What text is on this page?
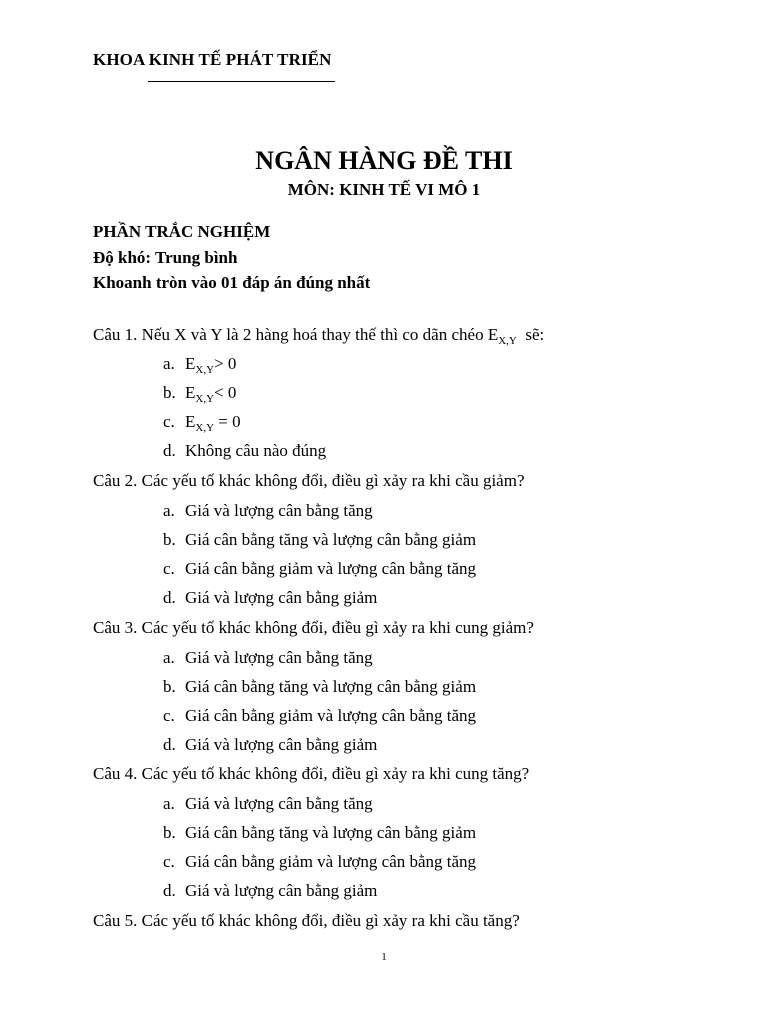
KHOA KINH TẾ PHÁT TRIỂN
NGÂN HÀNG ĐỀ THI
MÔN: KINH TẾ VI MÔ 1
PHẦN TRẮC NGHIỆM
Độ khó: Trung bình
Khoanh tròn vào 01 đáp án đúng nhất
Câu 1. Nếu X và Y là 2 hàng hoá thay thế thì co dãn chéo $E_{X,Y}$  sẽ:
a. $E_{X,Y}> 0$
b. $E_{X,Y}< 0$
c. $E_{X,Y} = 0$
d. Không câu nào đúng
Câu 2. Các yếu tố khác không đổi, điều gì xảy ra khi cầu giảm?
a. Giá và lượng cân bằng tăng
b. Giá cân bằng tăng và lượng cân bằng giảm
c. Giá cân bằng giảm và lượng cân bằng tăng
d. Giá và lượng cân bằng giảm
Câu 3. Các yếu tố khác không đổi, điều gì xảy ra khi cung giảm?
a. Giá và lượng cân bằng tăng
b. Giá cân bằng tăng và lượng cân bằng giảm
c. Giá cân bằng giảm và lượng cân bằng tăng
d. Giá và lượng cân bằng giảm
Câu 4. Các yếu tố khác không đổi, điều gì xảy ra khi cung tăng?
a. Giá và lượng cân bằng tăng
b. Giá cân bằng tăng và lượng cân bằng giảm
c. Giá cân bằng giảm và lượng cân bằng tăng
d. Giá và lượng cân bằng giảm
Câu 5. Các yếu tố khác không đổi, điều gì xảy ra khi cầu tăng?
1
